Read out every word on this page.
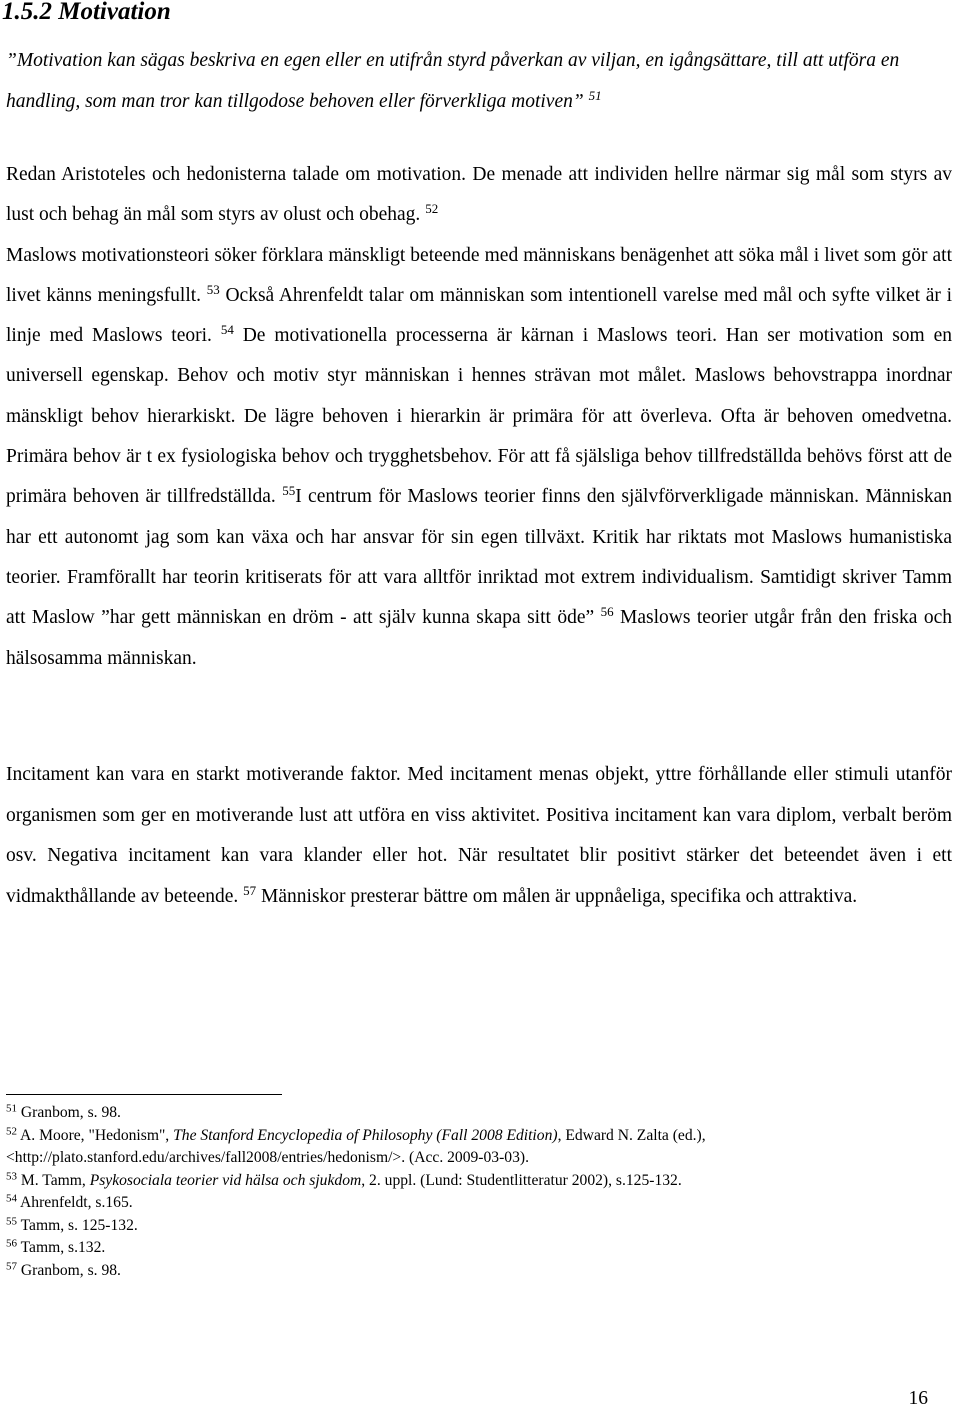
1.5.2 Motivation
”Motivation kan sägas beskriva en egen eller en utifrån styrd påverkan av viljan, en igångsättare, till att utföra en handling, som man tror kan tillgodose behoven eller förverkliga motiven” $^{51}$
Redan Aristoteles och hedonisterna talade om motivation. De menade att individen hellre närmar sig mål som styrs av lust och behag än mål som styrs av olust och obehag. $^{52}$
Maslows motivationsteori söker förklara mänskligt beteende med människans benägenhet att söka mål i livet som gör att livet känns meningsfullt. $^{53}$ Också Ahrenfeldt talar om människan som intentionell varelse med mål och syfte vilket är i linje med Maslows teori. $^{54}$ De motivationella processerna är kärnan i Maslows teori. Han ser motivation som en universell egenskap. Behov och motiv styr människan i hennes strävan mot målet. Maslows behovstrappa inordnar mänskligt behov hierarkiskt. De lägre behoven i hierarkin är primära för att överleva. Ofta är behoven omedvetna. Primära behov är t ex fysiologiska behov och trygghetsbehov. För att få själsliga behov tillfredställda behövs först att de primära behoven är tillfredställda. $^{55}$I centrum för Maslows teorier finns den självförverkligade människan. Människan har ett autonomt jag som kan växa och har ansvar för sin egen tillväxt. Kritik har riktats mot Maslows humanistiska teorier. Framförallt har teorin kritiserats för att vara alltför inriktad mot extrem individualism. Samtidigt skriver Tamm att Maslow ”har gett människan en dröm - att själv kunna skapa sitt öde” $^{56}$ Maslows teorier utgår från den friska och hälsosamma människan.
Incitament kan vara en starkt motiverande faktor. Med incitament menas objekt, yttre förhållande eller stimuli utanför organismen som ger en motiverande lust att utföra en viss aktivitet. Positiva incitament kan vara diplom, verbalt beröm osv. Negativa incitament kan vara klander eller hot. När resultatet blir positivt stärker det beteendet även i ett vidmakthållande av beteende. $^{57}$ Människor presterar bättre om målen är uppnåeliga, specifika och attraktiva.
$^{51}$ Granbom, s. 98.
$^{52}$ A. Moore, "Hedonism", The Stanford Encyclopedia of Philosophy (Fall 2008 Edition), Edward N. Zalta (ed.),
<http://plato.stanford.edu/archives/fall2008/entries/hedonism/>. (Acc. 2009-03-03).
$^{53}$ M. Tamm, Psykosociala teorier vid hälsa och sjukdom, 2. uppl. (Lund: Studentlitteratur 2002), s.125-132.
$^{54}$ Ahrenfeldt, s.165.
$^{55}$ Tamm, s. 125-132.
$^{56}$ Tamm, s.132.
$^{57}$ Granbom, s. 98.
16
